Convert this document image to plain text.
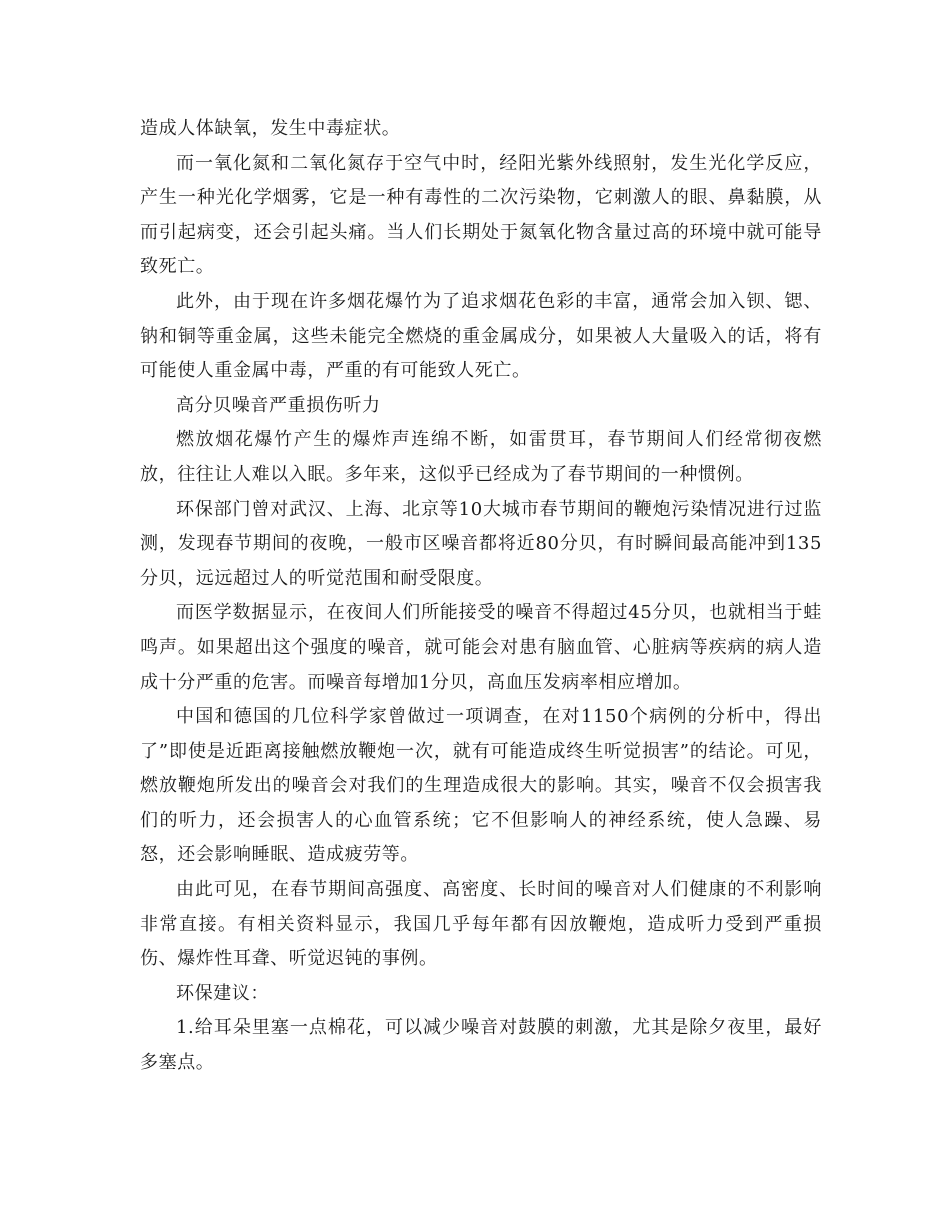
造成人体缺氧，发生中毒症状。

而一氧化氮和二氧化氮存于空气中时，经阳光紫外线照射，发生光化学反应，产生一种光化学烟雾，它是一种有毒性的二次污染物，它刺激人的眼、鼻黏膜，从而引起病变，还会引起头痛。当人们长期处于氮氧化物含量过高的环境中就可能导致死亡。

此外，由于现在许多烟花爆竹为了追求烟花色彩的丰富，通常会加入钡、锶、钠和铜等重金属，这些未能完全燃烧的重金属成分，如果被人大量吸入的话，将有可能使人重金属中毒，严重的有可能致人死亡。

高分贝噪音严重损伤听力

燃放烟花爆竹产生的爆炸声连绵不断，如雷贯耳，春节期间人们经常彻夜燃放，往往让人难以入眠。多年来，这似乎已经成为了春节期间的一种惯例。

环保部门曾对武汉、上海、北京等10大城市春节期间的鞭炮污染情况进行过监测，发现春节期间的夜晚，一般市区噪音都将近80分贝，有时瞬间最高能冲到135分贝，远远超过人的听觉范围和耐受限度。

而医学数据显示，在夜间人们所能接受的噪音不得超过45分贝，也就相当于蛙鸣声。如果超出这个强度的噪音，就可能会对患有脑血管、心脏病等疾病的病人造成十分严重的危害。而噪音每增加1分贝，高血压发病率相应增加。

中国和德国的几位科学家曾做过一项调查，在对1150个病例的分析中，得出了”即使是近距离接触燃放鞭炮一次，就有可能造成终生听觉损害”的结论。可见，燃放鞭炮所发出的噪音会对我们的生理造成很大的影响。其实，噪音不仅会损害我们的听力，还会损害人的心血管系统；它不但影响人的神经系统，使人急躁、易怒，还会影响睡眠、造成疲劳等。

由此可见，在春节期间高强度、高密度、长时间的噪音对人们健康的不利影响非常直接。有相关资料显示，我国几乎每年都有因放鞭炮，造成听力受到严重损伤、爆炸性耳聋、听觉迟钝的事例。

环保建议：

1.给耳朵里塞一点棉花，可以减少噪音对鼓膜的刺激，尤其是除夕夜里，最好多塞点。
